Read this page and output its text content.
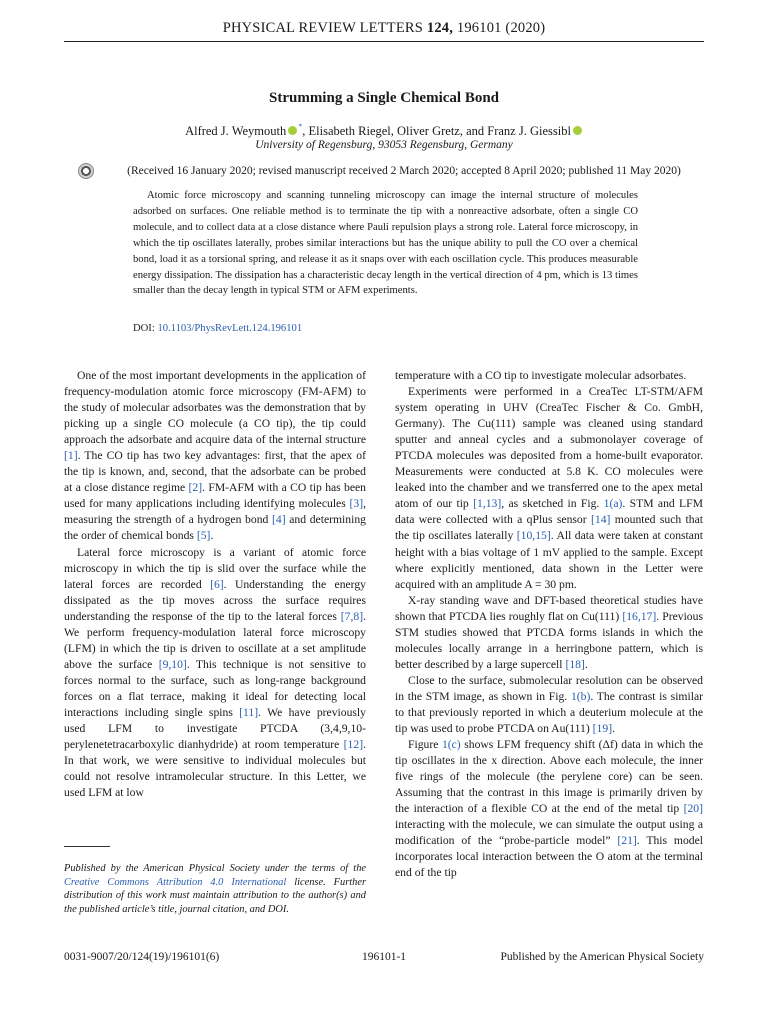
PHYSICAL REVIEW LETTERS 124, 196101 (2020)
Strumming a Single Chemical Bond
Alfred J. Weymouth *, Elisabeth Riegel, Oliver Gretz, and Franz J. Giessibl
University of Regensburg, 93053 Regensburg, Germany
(Received 16 January 2020; revised manuscript received 2 March 2020; accepted 8 April 2020; published 11 May 2020)
Atomic force microscopy and scanning tunneling microscopy can image the internal structure of molecules adsorbed on surfaces. One reliable method is to terminate the tip with a nonreactive adsorbate, often a single CO molecule, and to collect data at a close distance where Pauli repulsion plays a strong role. Lateral force microscopy, in which the tip oscillates laterally, probes similar interactions but has the unique ability to pull the CO over a chemical bond, load it as a torsional spring, and release it as it snaps over with each oscillation cycle. This produces measurable energy dissipation. The dissipation has a characteristic decay length in the vertical direction of 4 pm, which is 13 times smaller than the decay length in typical STM or AFM experiments.
DOI: 10.1103/PhysRevLett.124.196101

One of the most important developments in the application of frequency-modulation atomic force microscopy (FM-AFM) to the study of molecular adsorbates was the demonstration that by picking up a single CO molecule (a CO tip), the tip could approach the adsorbate and acquire data of the internal structure [1]. The CO tip has two key advantages: first, that the apex of the tip is known, and, second, that the adsorbate can be probed at a close distance regime [2]. FM-AFM with a CO tip has been used for many applications including identifying molecules [3], measuring the strength of a hydrogen bond [4] and determining the order of chemical bonds [5].

Lateral force microscopy is a variant of atomic force microscopy in which the tip is slid over the surface while the lateral forces are recorded [6]. Understanding the energy dissipated as the tip moves across the surface requires understanding the response of the tip to the lateral forces [7,8]. We perform frequency-modulation lateral force microscopy (LFM) in which the tip is driven to oscillate at a set amplitude above the surface [9,10]. This technique is not sensitive to forces normal to the surface, such as long-range background forces on a flat terrace, making it ideal for detecting local interactions including single spins [11]. We have previously used LFM to investigate PTCDA (3,4,9,10-perylenetetracarboxylic dianhydride) at room temperature [12]. In that work, we were sensitive to individual molecules but could not resolve intramolecular structure. In this Letter, we used LFM at low

Published by the American Physical Society under the terms of the Creative Commons Attribution 4.0 International license. Further distribution of this work must maintain attribution to the author(s) and the published article’s title, journal citation, and DOI.

temperature with a CO tip to investigate molecular adsorbates.

Experiments were performed in a CreaTec LT-STM/AFM system operating in UHV (CreaTec Fischer & Co. GmbH, Germany). The Cu(111) sample was cleaned using standard sputter and anneal cycles and a submonolayer coverage of PTCDA molecules was deposited from a home-built evaporator. Measurements were conducted at 5.8 K. CO molecules were leaked into the chamber and we transferred one to the apex metal atom of our tip [1,13], as sketched in Fig. 1(a). STM and LFM data were collected with a qPlus sensor [14] mounted such that the tip oscillates laterally [10,15]. All data were taken at constant height with a bias voltage of 1 mV applied to the sample. Except where explicitly mentioned, data shown in the Letter were acquired with an amplitude A = 30 pm.

X-ray standing wave and DFT-based theoretical studies have shown that PTCDA lies roughly flat on Cu(111) [16,17]. Previous STM studies showed that PTCDA forms islands in which the molecules locally arrange in a herringbone pattern, which is better described by a large supercell [18].

Close to the surface, submolecular resolution can be observed in the STM image, as shown in Fig. 1(b). The contrast is similar to that previously reported in which a deuterium molecule at the tip was used to probe PTCDA on Au(111) [19].

Figure 1(c) shows LFM frequency shift (Δf) data in which the tip oscillates in the x direction. Above each molecule, the inner five rings of the molecule (the perylene core) can be seen. Assuming that the contrast in this image is primarily driven by the interaction of a flexible CO at the end of the metal tip [20] interacting with the molecule, we can simulate the output using a modification of the “probe-particle model” [21]. This model incorporates local interaction between the O atom at the terminal end of the tip

0031-9007/20/124(19)/196101(6)	196101-1	Published by the American Physical Society
